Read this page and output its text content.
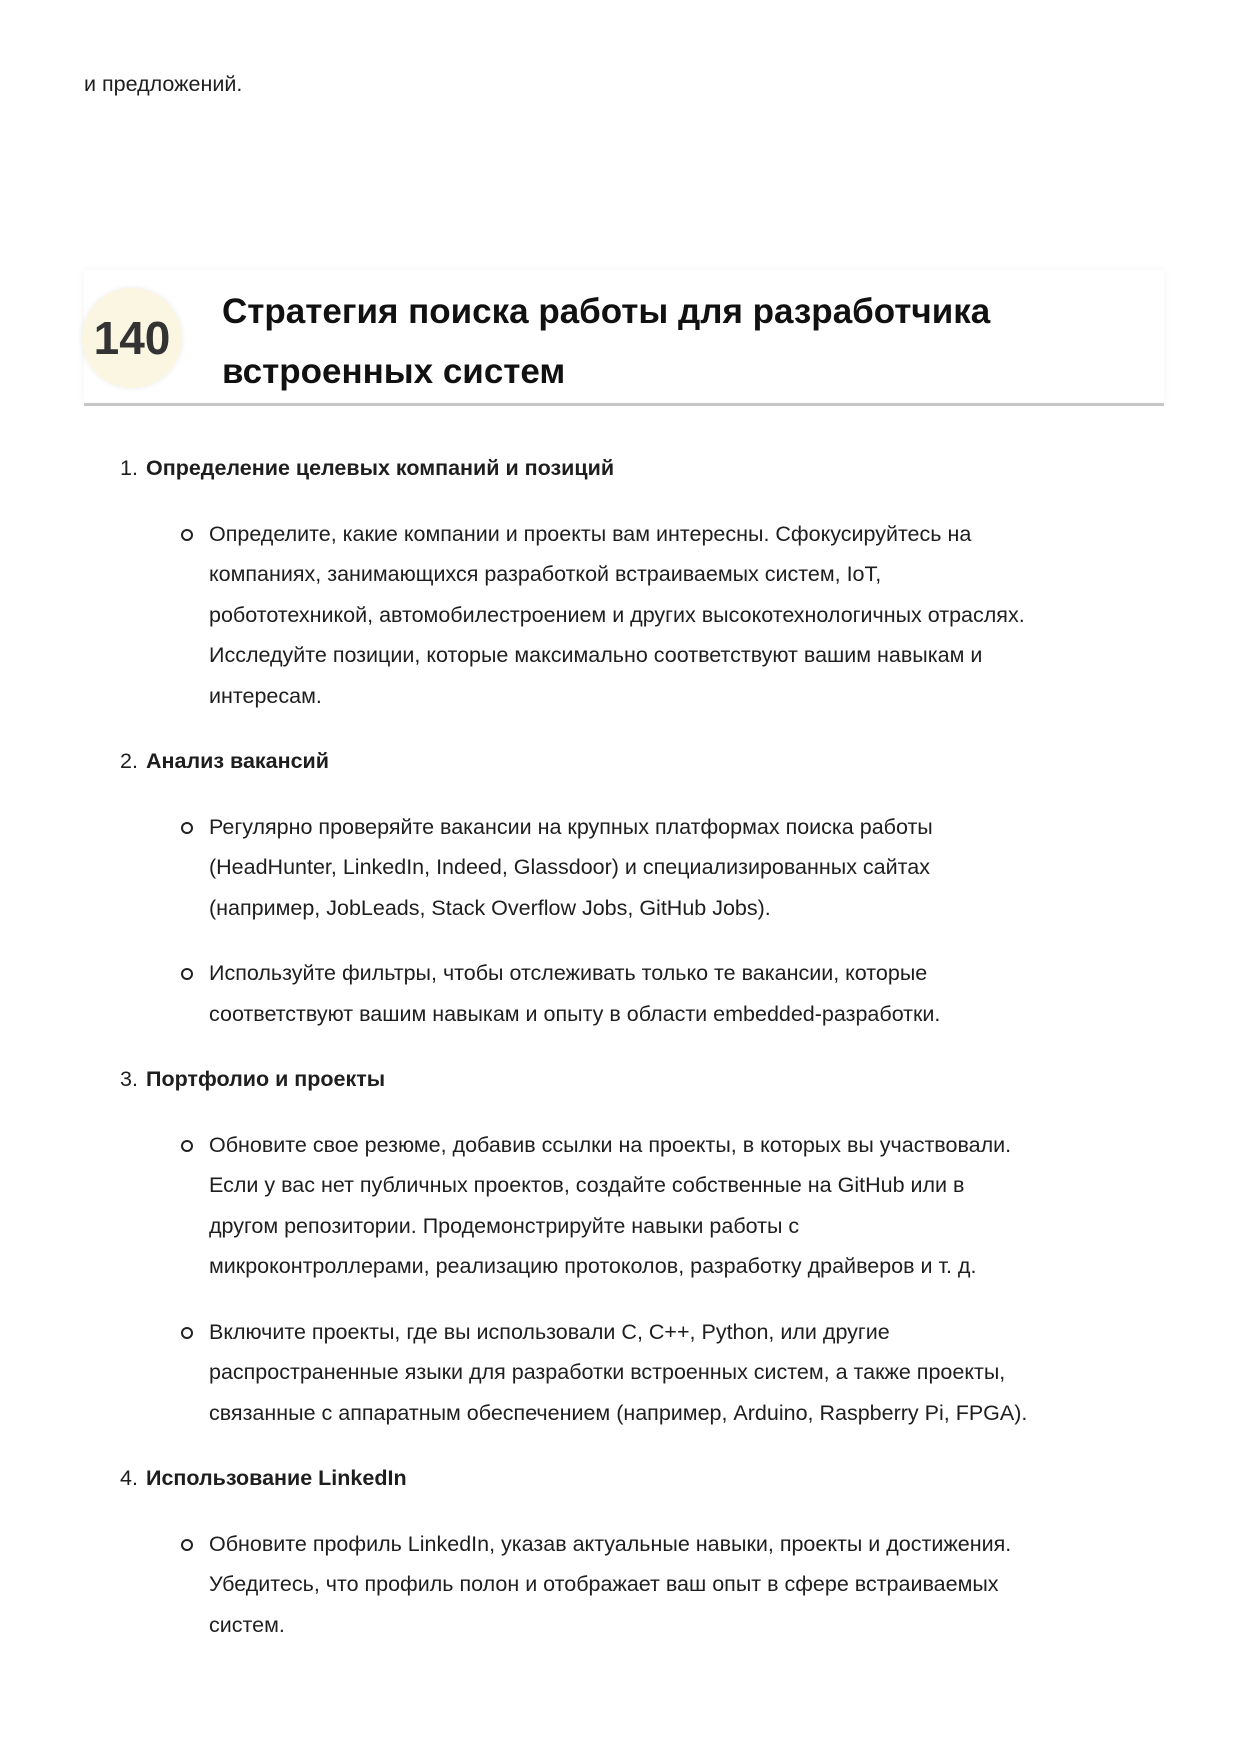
и предложений.
140
Стратегия поиска работы для разработчика
встроенных систем
1. Определение целевых компаний и позиций
Определите, какие компании и проекты вам интересны. Сфокусируйтесь на
компаниях, занимающихся разработкой встраиваемых систем, IoT,
робототехникой, автомобилестроением и других высокотехнологичных отраслях.
Исследуйте позиции, которые максимально соответствуют вашим навыкам и
интересам.
2. Анализ вакансий
Регулярно проверяйте вакансии на крупных платформах поиска работы
(HeadHunter, LinkedIn, Indeed, Glassdoor) и специализированных сайтах
(например, JobLeads, Stack Overflow Jobs, GitHub Jobs).
Используйте фильтры, чтобы отслеживать только те вакансии, которые
соответствуют вашим навыкам и опыту в области embedded-разработки.
3. Портфолио и проекты
Обновите свое резюме, добавив ссылки на проекты, в которых вы участвовали.
Если у вас нет публичных проектов, создайте собственные на GitHub или в
другом репозитории. Продемонстрируйте навыки работы с
микроконтроллерами, реализацию протоколов, разработку драйверов и т. д.
Включите проекты, где вы использовали C, C++, Python, или другие
распространенные языки для разработки встроенных систем, а также проекты,
связанные с аппаратным обеспечением (например, Arduino, Raspberry Pi, FPGA).
4. Использование LinkedIn
Обновите профиль LinkedIn, указав актуальные навыки, проекты и достижения.
Убедитесь, что профиль полон и отображает ваш опыт в сфере встраиваемых
систем.
